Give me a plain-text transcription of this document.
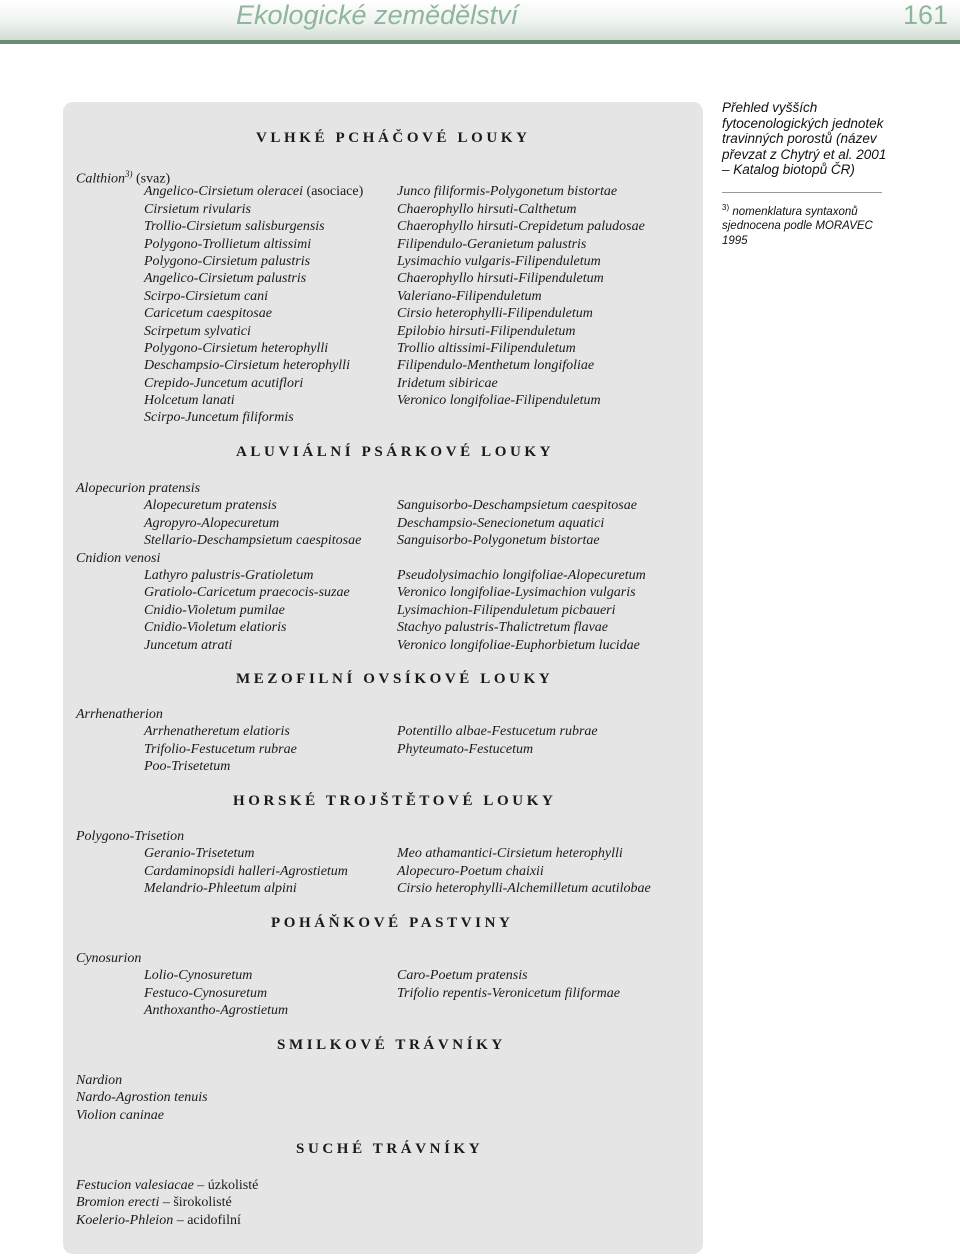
Ekologické zemědělství	161
VLHKÉ PCHÁČOVÉ LOUKY
Calthion$^{3)}$ (svaz)
Angelico-Cirsietum oleracei (asociace)
Cirsietum rivularis
Trollio-Cirsietum salisburgensis
Polygono-Trollietum altissimi
Polygono-Cirsietum palustris
Angelico-Cirsietum palustris
Scirpo-Cirsietum cani
Caricetum caespitosae
Scirpetum sylvatici
Polygono-Cirsietum heterophylli
Deschampsio-Cirsietum heterophylli
Crepido-Juncetum acutiflori
Holcetum lanati
Scirpo-Juncetum filiformis
Junco filiformis-Polygonetum bistortae
Chaerophyllo hirsuti-Calthetum
Chaerophyllo hirsuti-Crepidetum paludosae
Filipendulo-Geranietum palustris
Lysimachio vulgaris-Filipenduletum
Chaerophyllo hirsuti-Filipenduletum
Valeriano-Filipenduletum
Cirsio heterophylli-Filipenduletum
Epilobio hirsuti-Filipenduletum
Trollio altissimi-Filipenduletum
Filipendulo-Menthetum longifoliae
Iridetum sibiricae
Veronico longifoliae-Filipenduletum
ALUVIÁLNÍ PSÁRKOVÉ LOUKY
Alopecurion pratensis
Alopecuretum pratensis
Agropyro-Alopecuretum
Stellario-Deschampsietum caespitosae
Sanguisorbo-Deschampsietum caespitosae
Deschampsio-Senecionetum aquatici
Sanguisorbo-Polygonetum bistortae
Cnidion venosi
Lathyro palustris-Gratioletum
Gratiolo-Caricetum praecocis-suzae
Cnidio-Violetum pumilae
Cnidio-Violetum elatioris
Juncetum atrati
Pseudolysimachio longifoliae-Alopecuretum
Veronico longifoliae-Lysimachion vulgaris
Lysimachion-Filipenduletum picbaueri
Stachyo palustris-Thalictretum flavae
Veronico longifoliae-Euphorbietum lucidae
MEZOFILNÍ OVSÍKOVÉ LOUKY
Arrhenatherion
Arrhenatheretum elatioris
Trifolio-Festucetum rubrae
Poo-Trisetetum
Potentillo albae-Festucetum rubrae
Phyteumato-Festucetum
HORSKÉ TROJŠTĚTOVÉ LOUKY
Polygono-Trisetion
Geranio-Trisetetum
Cardaminopsidi halleri-Agrostietum
Melandrio-Phleetum alpini
Meo athamantici-Cirsietum heterophylli
Alopecuro-Poetum chaixii
Cirsio heterophylli-Alchemilletum acutilobae
POHÁŇKOVÉ PASTVINY
Cynosurion
Lolio-Cynosuretum
Festuco-Cynosuretum
Anthoxantho-Agrostietum
Caro-Poetum pratensis
Trifolio repentis-Veronicetum filiformae
SMILKOVÉ TRÁVNÍKY
Nardion
Nardo-Agrostion tenuis
Violion caninae
SUCHÉ TRÁVNÍKY
Festucion valesiacae – úzkolisté
Bromion erecti – širokolisté
Koelerio-Phleion – acidofilní
Přehled vyšších fytocenologických jednotek travinných porostů (název převzat z Chytrý et al. 2001 – Katalog biotopů ČR)
$^{3)}$ nomenklatura syntaxonů sjednocena podle MORAVEC 1995
